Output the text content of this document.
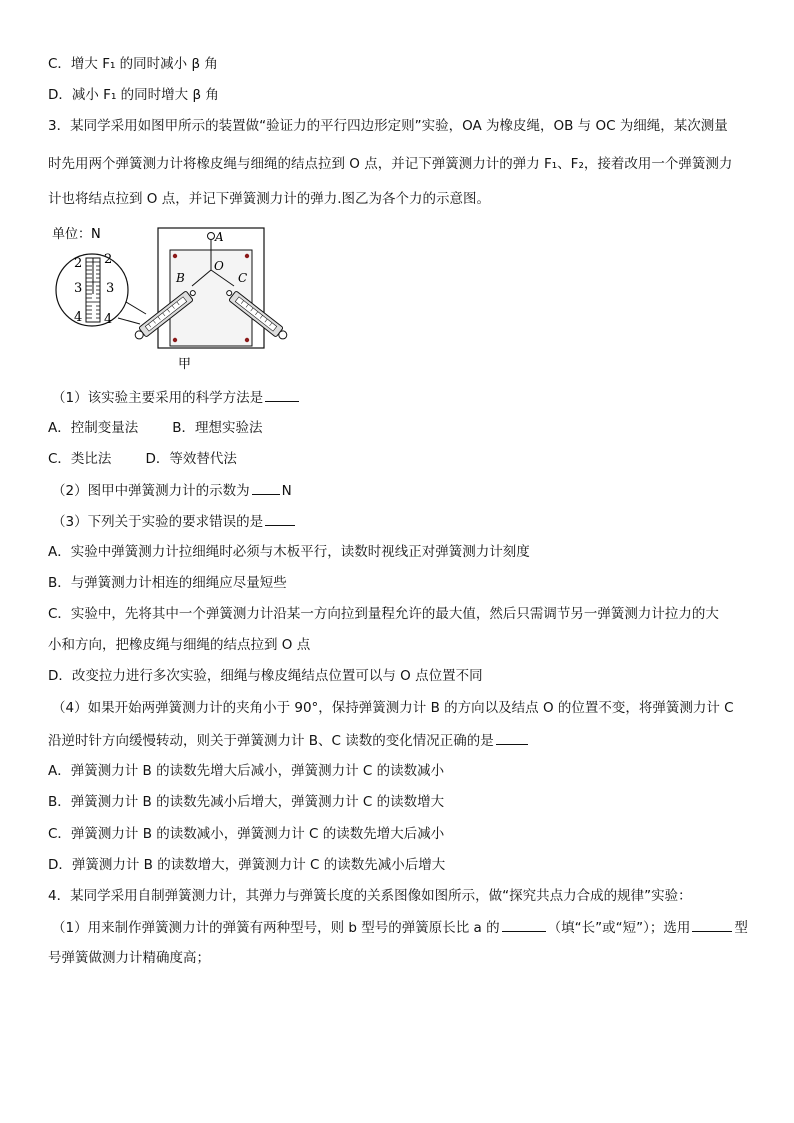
C．增大 F₁ 的同时减小 β 角
D．减小 F₁ 的同时增大 β 角
3．某同学采用如图甲所示的装置做“验证力的平行四边形定则”实验，OA 为橡皮绳，OB 与 OC 为细绳，某次测量
时先用两个弹簧测力计将橡皮绳与细绳的结点拉到 O 点，并记下弹簧测力计的弹力 F₁、F₂，接着改用一个弹簧测力
计也将结点拉到 O 点，并记下弹簧测力计的弹力.图乙为各个力的示意图。
单位：N
2
3
4
2
3
4
A
O
B	C
甲
（1）该实验主要采用的科学方法是
A．控制变量法	B．理想实验法
C．类比法	D．等效替代法
（2）图甲中弹簧测力计的示数为 N
（3）下列关于实验的要求错误的是
A．实验中弹簧测力计拉细绳时必须与木板平行，读数时视线正对弹簧测力计刻度
B．与弹簧测力计相连的细绳应尽量短些
C．实验中，先将其中一个弹簧测力计沿某一方向拉到量程允许的最大值，然后只需调节另一弹簧测力计拉力的大
小和方向，把橡皮绳与细绳的结点拉到 O 点
D．改变拉力进行多次实验，细绳与橡皮绳结点位置可以与 O 点位置不同
（4）如果开始两弹簧测力计的夹角小于 90°，保持弹簧测力计 B 的方向以及结点 O 的位置不变，将弹簧测力计 C
沿逆时针方向缓慢转动，则关于弹簧测力计 B、C 读数的变化情况正确的是
A．弹簧测力计 B 的读数先增大后减小，弹簧测力计 C 的读数减小
B．弹簧测力计 B 的读数先减小后增大，弹簧测力计 C 的读数增大
C．弹簧测力计 B 的读数减小，弹簧测力计 C 的读数先增大后减小
D．弹簧测力计 B 的读数增大，弹簧测力计 C 的读数先减小后增大
4．某同学采用自制弹簧测力计，其弹力与弹簧长度的关系图像如图所示，做“探究共点力合成的规律”实验：
（1）用来制作弹簧测力计的弹簧有两种型号，则 b 型号的弹簧原长比 a 的	（填“长”或“短”）；选用	型
号弹簧做测力计精确度高；
